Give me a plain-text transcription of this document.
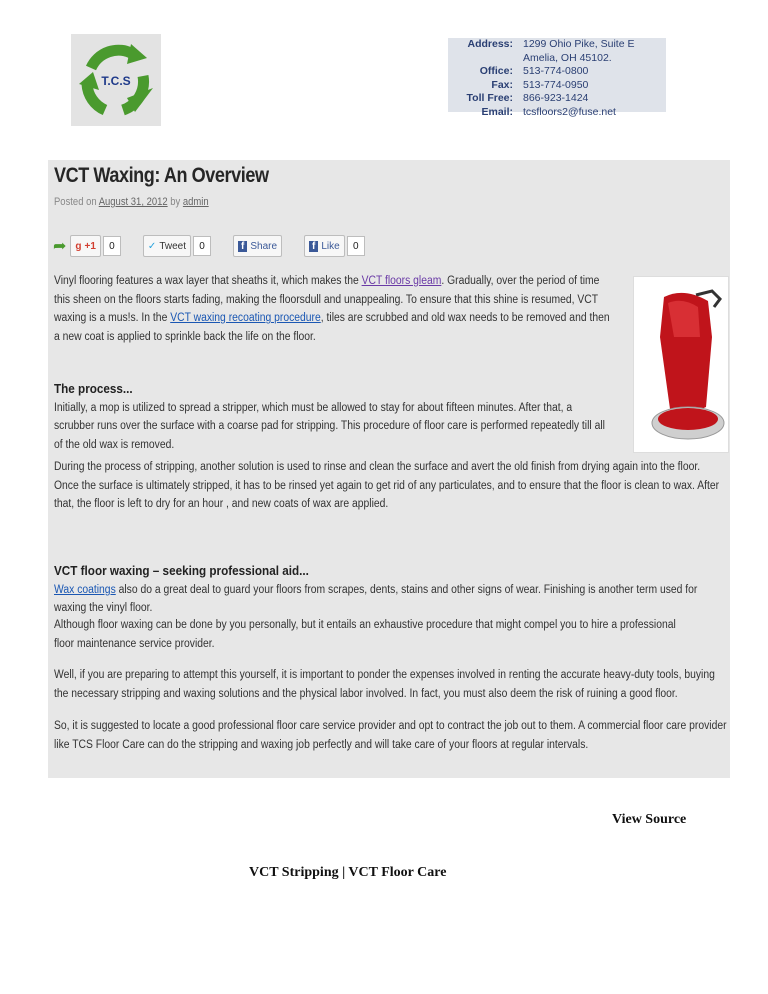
T.C.S
Address: 1299 Ohio Pike, Suite E
Amelia, OH 45102.
Office: 513-774-0800
Fax: 513-774-0950
Toll Free: 866-923-1424
Email: tcsfloors2@fuse.net
VCT Waxing: An Overview
Posted on August 31, 2012 by admin
➦ g +1	0	✓ Tweet	0	f Share	f Like	0
Vinyl flooring features a wax layer that sheaths it, which makes the VCT floors gleam. Gradually, over the period of time this sheen on the floors starts fading, making the floorsdull and unappealing. To ensure that this shine is resumed, VCT waxing is a mus!s. In the VCT waxing recoating procedure, tiles are scrubbed and old wax needs to be removed and then a new coat is applied to sprinkle back the life on the floor.
The process...
Initially, a mop is utilized to spread a stripper, which must be allowed to stay for about fifteen minutes. After that, a scrubber runs over the surface with a coarse pad for stripping. This procedure of floor care is performed repeatedly till all of the old wax is removed.
During the process of stripping, another solution is used to rinse and clean the surface and avert the old finish from drying again into the floor. Once the surface is ultimately stripped, it has to be rinsed yet again to get rid of any particulates, and to ensure that the floor is clean to wax. After that, the floor is left to dry for an hour , and new coats of wax are applied.
VCT floor waxing – seeking professional aid...
Wax coatings also do a great deal to guard your floors from scrapes, dents, stains and other signs of wear. Finishing is another term used for waxing the vinyl floor.
Although floor waxing can be done by you personally, but it entails an exhaustive procedure that might compel you to hire a professional floor maintenance service provider.
Well, if you are preparing to attempt this yourself, it is important to ponder the expenses involved in renting the accurate heavy-duty tools, buying the necessary stripping and waxing solutions and the physical labor involved. In fact, you must also deem the risk of ruining a good floor.
So, it is suggested to locate a good professional floor care service provider and opt to contract the job out to them. A commercial floor care provider like TCS Floor Care can do the stripping and waxing job perfectly and will take care of your floors at regular intervals.
View Source
VCT Stripping | VCT Floor Care
